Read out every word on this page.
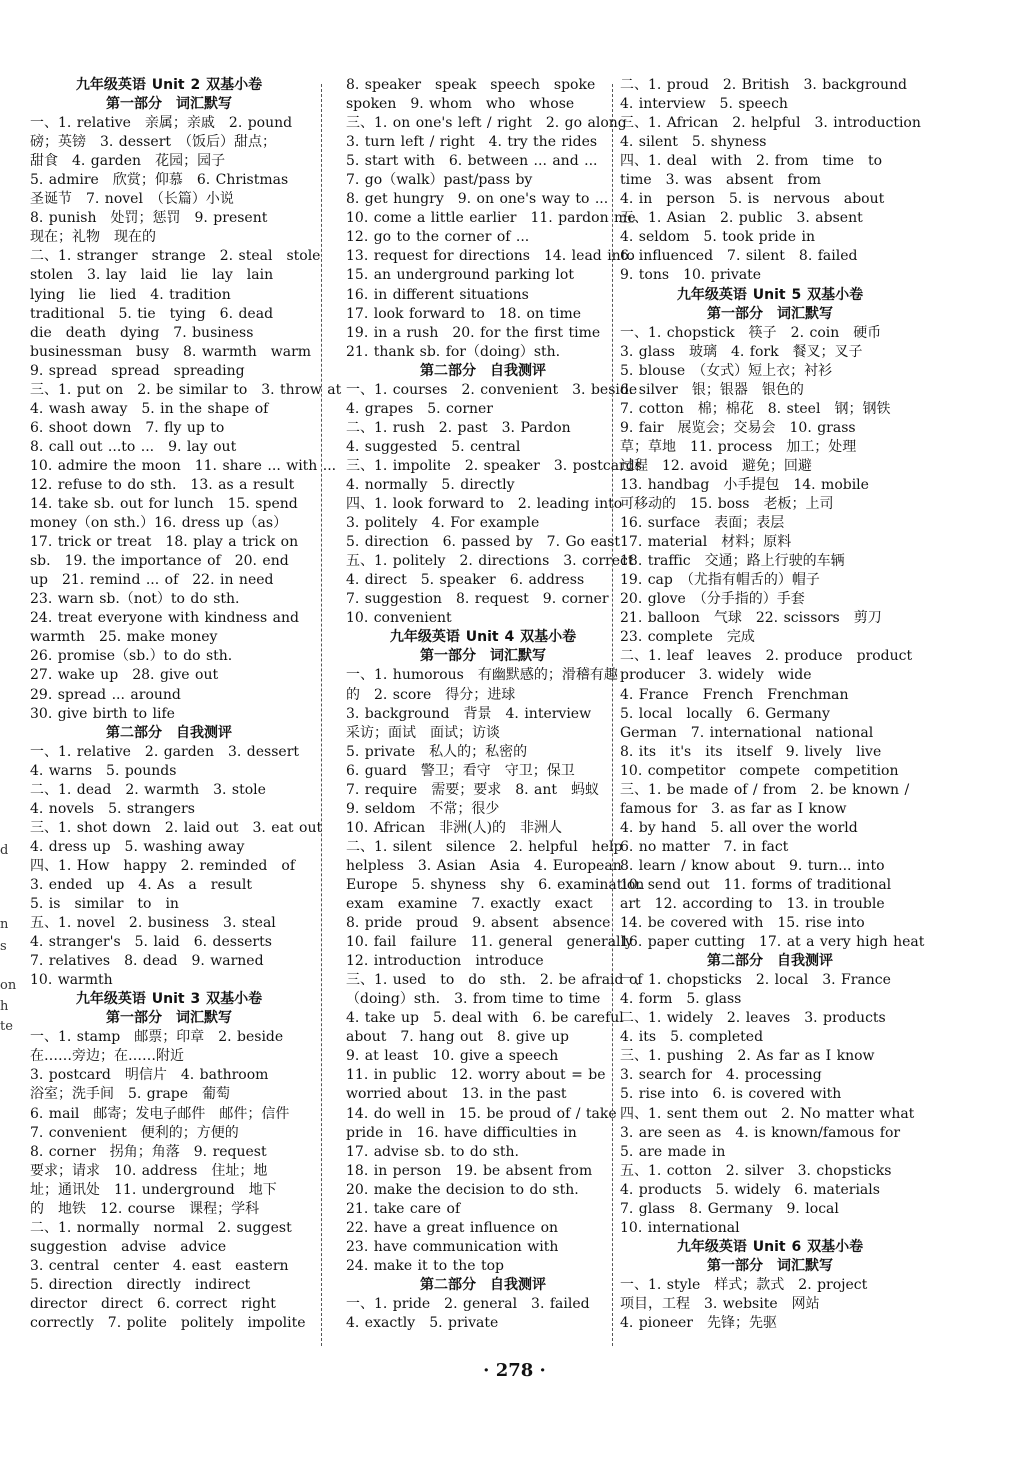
九年级英语 Unit 2 双基小卷
第一部分　词汇默写
一、1. relative　亲属；亲戚　2. pound
磅；英镑　3. dessert　（饭后）甜点；
甜食　4. garden　花园；园子
5. admire　欣赏；仰慕　6. Christmas
圣诞节　7. novel　（长篇）小说
8. punish　处罚；惩罚　9. present
现在；礼物　现在的
二、1. stranger　strange　2. steal　stole
stolen　3. lay　laid　lie　lay　lain
lying　lie　lied　4. tradition
traditional　5. tie　tying　6. dead
die　death　dying　7. business
businessman　busy　8. warmth　warm
9. spread　spread　spreading
三、1. put on　2. be similar to　3. throw at
4. wash away　5. in the shape of
6. shoot down　7. fly up to
8. call out ...to ...　9. lay out
10. admire the moon　11. share ... with ...
12. refuse to do sth.　13. as a result
14. take sb. out for lunch　15. spend
money（on sth.）16. dress up（as）
17. trick or treat　18. play a trick on
sb.　19. the importance of　20. end
up　21. remind ... of　22. in need
23. warn sb.（not）to do sth.
24. treat everyone with kindness and
warmth　25. make money
26. promise（sb.）to do sth.
27. wake up　28. give out
29. spread ... around
30. give birth to life
第二部分　自我测评
一、1. relative　2. garden　3. dessert
4. warns　5. pounds
二、1. dead　2. warmth　3. stole
4. novels　5. strangers
三、1. shot down　2. laid out　3. eat out
4. dress up　5. washing away
四、1. How　happy　2. reminded　of
3. ended　up　4. As　a　result
5. is　similar　to　in
五、1. novel　2. business　3. steal
4. stranger's　5. laid　6. desserts
7. relatives　8. dead　9. warned
10. warmth
九年级英语 Unit 3 双基小卷
第一部分　词汇默写
一、1. stamp　邮票；印章　2. beside
在……旁边；在……附近
3. postcard　明信片　4. bathroom
浴室；洗手间　5. grape　葡萄
6. mail　邮寄；发电子邮件　邮件；信件
7. convenient　便利的；方便的
8. corner　拐角；角落　9. request
要求；请求　10. address　住址；地
址；通讯处　11. underground　地下
的　地铁　12. course　课程；学科
二、1. normally　normal　2. suggest
suggestion　advise　advice
3. central　center　4. east　eastern
5. direction　directly　indirect
director　direct　6. correct　right
correctly　7. polite　politely　impolite
8. speaker　speak　speech　spoke
spoken　9. whom　who　whose
三、1. on one's left / right　2. go along
3. turn left / right　4. try the rides
5. start with　6. between ... and ...
7. go（walk）past/pass by
8. get hungry　9. on one's way to ...
10. come a little earlier　11. pardon me
12. go to the corner of ...
13. request for directions　14. lead into
15. an underground parking lot
16. in different situations
17. look forward to　18. on time
19. in a rush　20. for the first time
21. thank sb. for（doing）sth.
第二部分　自我测评
一、1. courses　2. convenient　3. beside
4. grapes　5. corner
二、1. rush　2. past　3. Pardon
4. suggested　5. central
三、1. impolite　2. speaker　3. postcards
4. normally　5. directly
四、1. look forward to　2. leading into
3. politely　4. For example
5. direction　6. passed by　7. Go east
五、1. politely　2. directions　3. correct
4. direct　5. speaker　6. address
7. suggestion　8. request　9. corner
10. convenient
九年级英语 Unit 4 双基小卷
第一部分　词汇默写
一、1. humorous　有幽默感的；滑稽有趣
的　2. score　得分；进球
3. background　背景　4. interview
采访；面试　面试；访谈
5. private　私人的；私密的
6. guard　警卫；看守　守卫；保卫
7. require　需要；要求　8. ant　蚂蚁
9. seldom　不常；很少
10. African　非洲(人)的　非洲人
二、1. silent　silence　2. helpful　help
helpless　3. Asian　Asia　4. European
Europe　5. shyness　shy　6. examination
exam　examine　7. exactly　exact
8. pride　proud　9. absent　absence
10. fail　failure　11. general　generally
12. introduction　introduce
三、1. used　to　do　sth.　2. be afraid of
（doing）sth.　3. from time to time
4. take up　5. deal with　6. be careful
about　7. hang out　8. give up
9. at least　10. give a speech
11. in public　12. worry about = be
worried about　13. in the past
14. do well in　15. be proud of / take
pride in　16. have difficulties in
17. advise sb. to do sth.
18. in person　19. be absent from
20. make the decision to do sth.
21. take care of
22. have a great influence on
23. have communication with
24. make it to the top
第二部分　自我测评
一、1. pride　2. general　3. failed
4. exactly　5. private
二、1. proud　2. British　3. background
4. interview　5. speech
三、1. African　2. helpful　3. introduction
4. silent　5. shyness
四、1. deal　with　2. from　time　to
time　3. was　absent　from
4. in　person　5. is　nervous　about
五、1. Asian　2. public　3. absent
4. seldom　5. took pride in
6. influenced　7. silent　8. failed
9. tons　10. private
九年级英语 Unit 5 双基小卷
第一部分　词汇默写
一、1. chopstick　筷子　2. coin　硬币
3. glass　玻璃　4. fork　餐叉；叉子
5. blouse　（女式）短上衣；衬衫
6. silver　银；银器　银色的
7. cotton　棉；棉花　8. steel　钢；钢铁
9. fair　展览会；交易会　10. grass
草；草地　11. process　加工；处理
过程　12. avoid　避免；回避
13. handbag　小手提包　14. mobile
可移动的　15. boss　老板；上司
16. surface　表面；表层
17. material　材料；原料
18. traffic　交通；路上行驶的车辆
19. cap　（尤指有帽舌的）帽子
20. glove　（分手指的）手套
21. balloon　气球　22. scissors　剪刀
23. complete　完成
二、1. leaf　leaves　2. produce　product
producer　3. widely　wide
4. France　French　Frenchman
5. local　locally　6. Germany
German　7. international　national
8. its　it's　its　itself　9. lively　live
10. competitor　compete　competition
三、1. be made of / from　2. be known /
famous for　3. as far as I know
4. by hand　5. all over the world
6. no matter　7. in fact
8. learn / know about　9. turn... into
10. send out　11. forms of traditional
art　12. according to　13. in trouble
14. be covered with　15. rise into
16. paper cutting　17. at a very high heat
第二部分　自我测评
一、1. chopsticks　2. local　3. France
4. form　5. glass
二、1. widely　2. leaves　3. products
4. its　5. completed
三、1. pushing　2. As far as I know
3. search for　4. processing
5. rise into　6. is covered with
四、1. sent them out　2. No matter what
3. are seen as　4. is known/famous for
5. are made in
五、1. cotton　2. silver　3. chopsticks
4. products　5. widely　6. materials
7. glass　8. Germany　9. local
10. international
九年级英语 Unit 6 双基小卷
第一部分　词汇默写
一、1. style　样式；款式　2. project
项目，工程　3. website　网站
4. pioneer　先锋；先驱
d
n
s
on
h
te
· 278 ·
